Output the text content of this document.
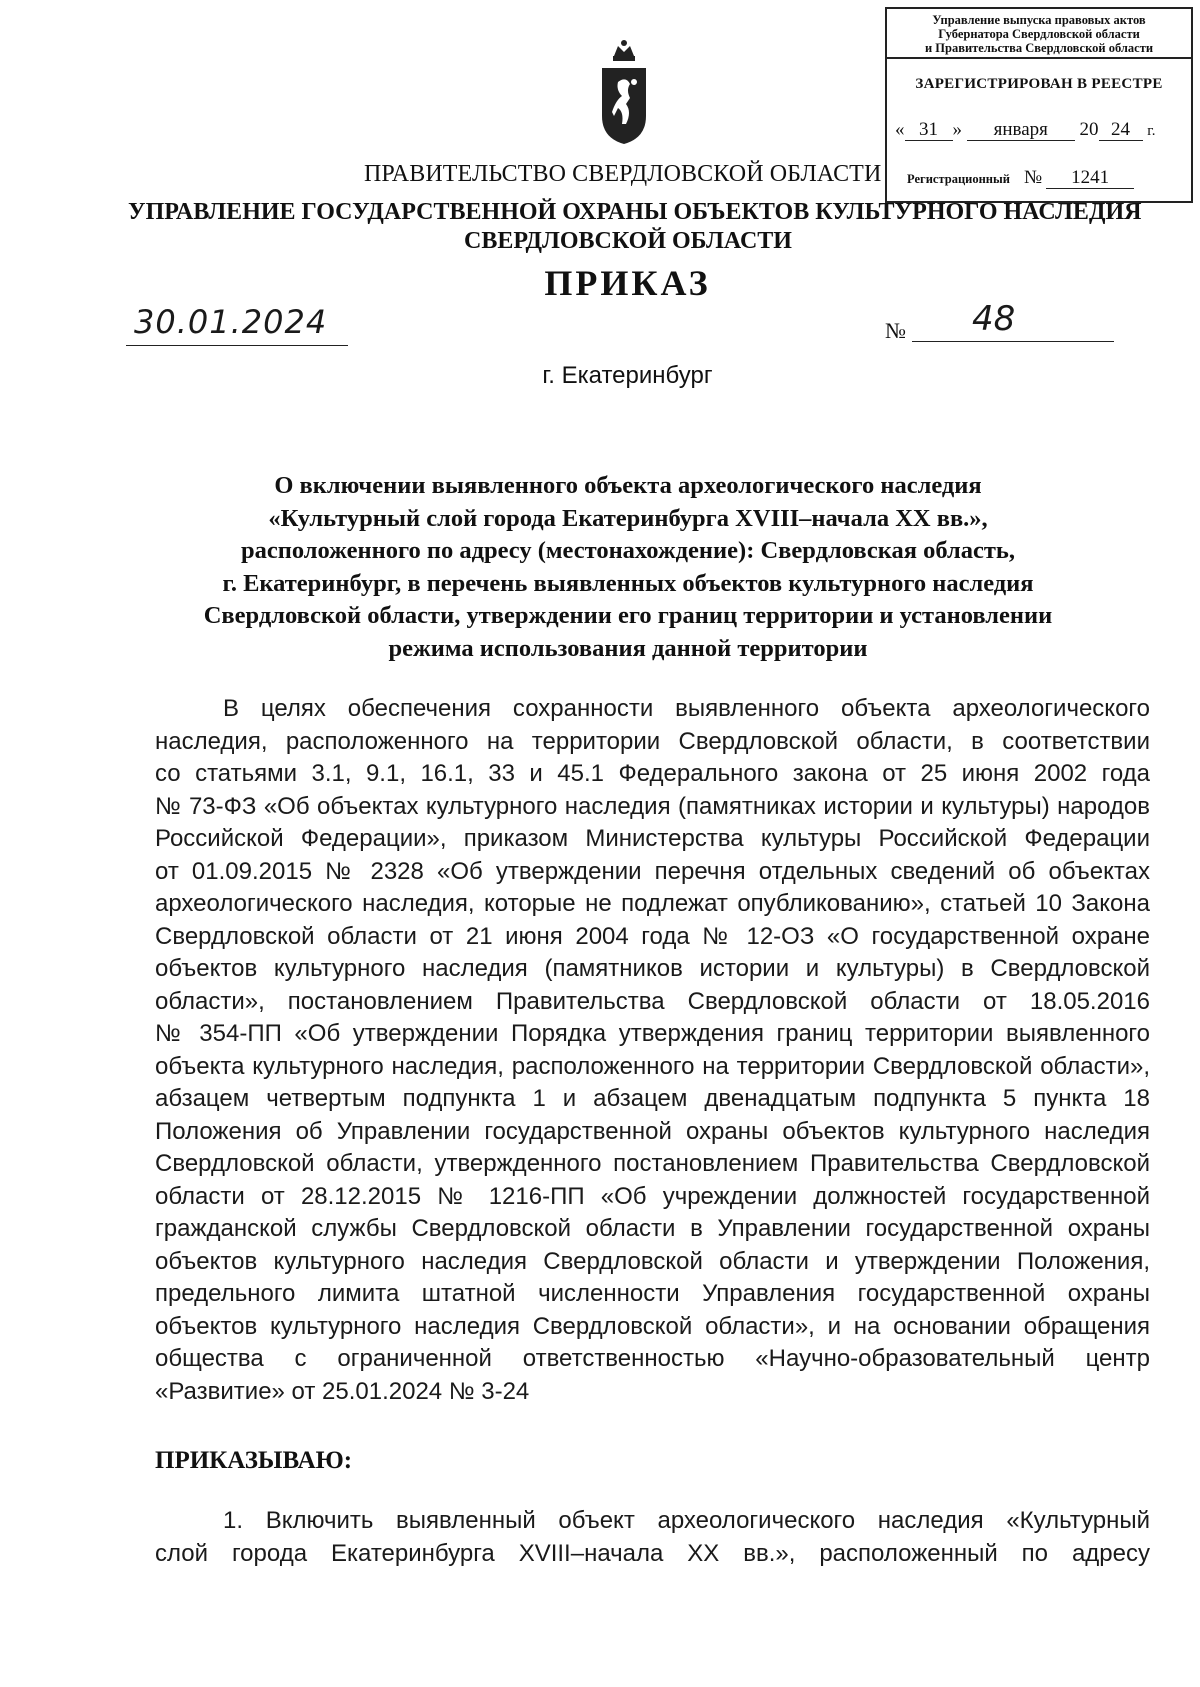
Управление выпуска правовых актов
Губернатора Свердловской области
и Правительства Свердловской области
ЗАРЕГИСТРИРОВАН В РЕЕСТРЕ
« 31 » января 20 24 г.
Регистрационный № 1241
ПРАВИТЕЛЬСТВО СВЕРДЛОВСКОЙ ОБЛАСТИ
УПРАВЛЕНИЕ ГОСУДАРСТВЕННОЙ ОХРАНЫ ОБЪЕКТОВ КУЛЬТУРНОГО НАСЛЕДИЯ
СВЕРДЛОВСКОЙ ОБЛАСТИ
ПРИКАЗ
30.01.2024	№ 48
г. Екатеринбург
О включении выявленного объекта археологического наследия
«Культурный слой города Екатеринбурга XVIII–начала XX вв.»,
расположенного по адресу (местонахождение): Свердловская область,
г. Екатеринбург, в перечень выявленных объектов культурного наследия
Свердловской области, утверждении его границ территории и установлении
режима использования данной территории
В целях обеспечения сохранности выявленного объекта археологического
наследия, расположенного на территории Свердловской области, в соответствии
со статьями 3.1, 9.1, 16.1, 33 и 45.1 Федерального закона от 25 июня 2002 года
№ 73-ФЗ «Об объектах культурного наследия (памятниках истории и культуры) народов
Российской Федерации», приказом Министерства культуры Российской Федерации
от 01.09.2015 № 2328 «Об утверждении перечня отдельных сведений об объектах
археологического наследия, которые не подлежат опубликованию», статьей 10 Закона
Свердловской области от 21 июня 2004 года № 12-ОЗ «О государственной охране
объектов культурного наследия (памятников истории и культуры) в Свердловской
области», постановлением Правительства Свердловской области от 18.05.2016
№ 354-ПП «Об утверждении Порядка утверждения границ территории выявленного
объекта культурного наследия, расположенного на территории Свердловской области»,
абзацем четвертым подпункта 1 и абзацем двенадцатым подпункта 5 пункта 18
Положения об Управлении государственной охраны объектов культурного наследия
Свердловской области, утвержденного постановлением Правительства Свердловской
области от 28.12.2015 № 1216-ПП «Об учреждении должностей государственной
гражданской службы Свердловской области в Управлении государственной охраны
объектов культурного наследия Свердловской области и утверждении Положения,
предельного лимита штатной численности Управления государственной охраны
объектов культурного наследия Свердловской области», и на основании обращения
общества с ограниченной ответственностью «Научно-образовательный центр
«Развитие» от 25.01.2024 № 3-24
ПРИКАЗЫВАЮ:
1. Включить выявленный объект археологического наследия «Культурный
слой города Екатеринбурга XVIII–начала XX вв.», расположенный по адресу
